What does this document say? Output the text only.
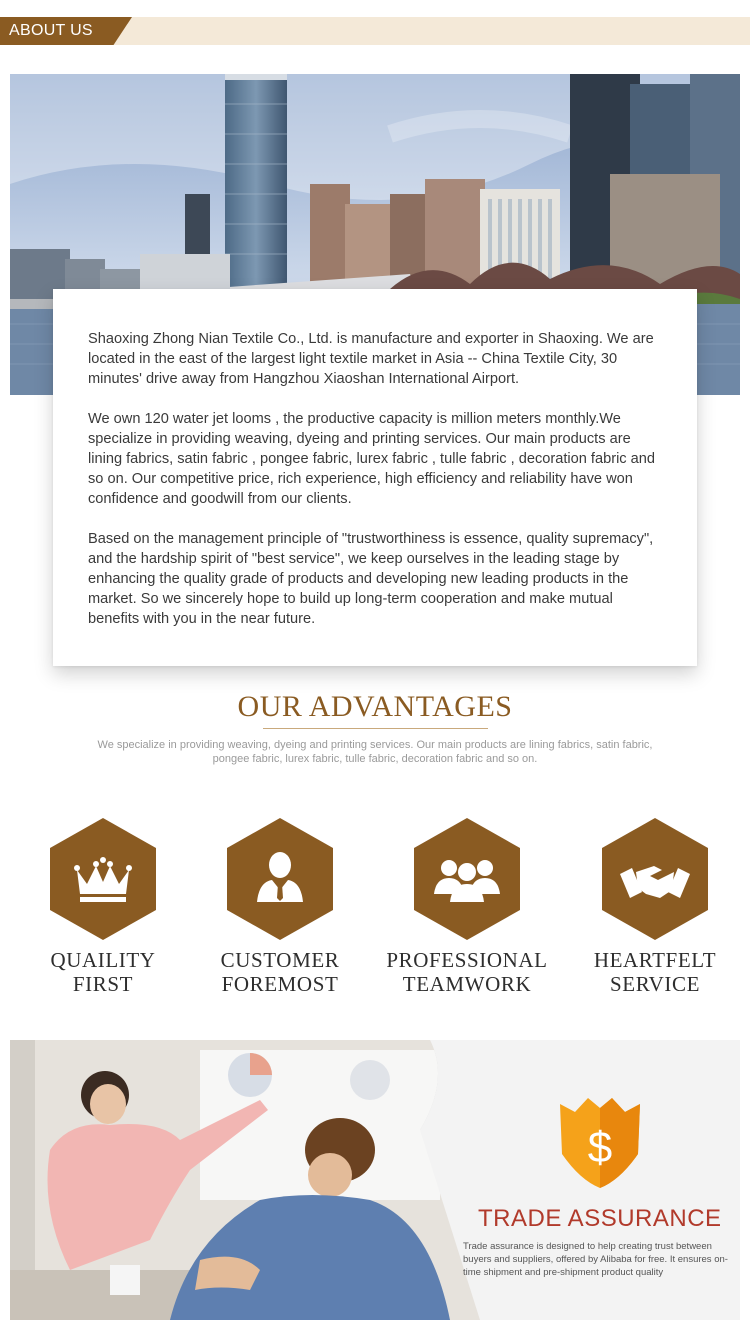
ABOUT US

Shaoxing Zhong Nian Textile Co., Ltd. is manufacture and exporter in Shaoxing. We are located in the east of the largest light textile market in Asia -- China Textile City, 30 minutes' drive away from Hangzhou Xiaoshan International Airport.

We own 120 water jet looms , the productive capacity is million meters monthly.We specialize in providing weaving, dyeing and printing services. Our main products are lining fabrics, satin fabric , pongee fabric, lurex fabric , tulle fabric , decoration fabric and so on. Our competitive price, rich experience, high efficiency and reliability have won confidence and goodwill from our clients.

Based on the management principle of "trustworthiness is essence, quality supremacy", and the hardship spirit of "best service", we keep ourselves in the leading stage by enhancing the quality grade of products and developing new leading products in the market. So we sincerely hope to build up long-term cooperation and make mutual benefits with you in the near future.

OUR ADVANTAGES
We specialize in providing weaving, dyeing and printing services. Our main products are lining fabrics, satin fabric, pongee fabric, lurex fabric, tulle fabric, decoration fabric and so on.
QUAILITY
FIRST
CUSTOMER
FOREMOST
PROFESSIONAL
TEAMWORK
HEARTFELT
SERVICE
$
TRADE ASSURANCE
Trade assurance is designed to help creating trust between buyers and suppliers, offered by Alibaba for free. It ensures on-time shipment and pre-shipment product quality
